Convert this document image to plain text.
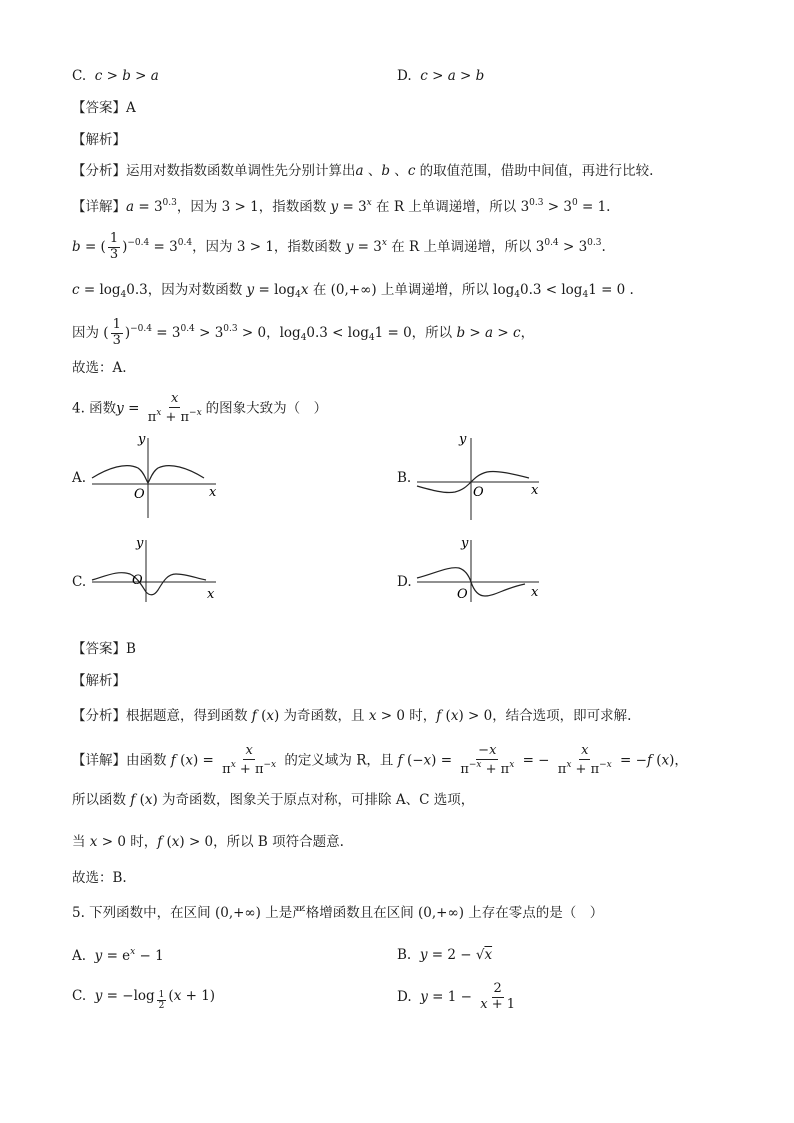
C. c > b > a	D. c > a > b
【答案】A
【解析】
【分析】运用对数指数函数单调性先分别计算出a 、b 、c 的取值范围，借助中间值，再进行比较.
【详解】$a = 3^{0.3}$，因为 3 > 1，指数函数 $y = 3^x$ 在 R 上单调递增，所以 $3^{0.3} > 3^0 = 1$.
b = ( $\frac{1}{3} )^{-0.4} = 3^{0.4}$，因为 3 > 1，指数函数 $y = 3^x$ 在 R 上单调递增，所以 $3^{0.4} > 3^{0.3}$.
$c = \log_40.3$，因为对数函数 $y = \log_4x$ 在 (0,+∞) 上单调递增，所以 $\log_40.3 < \log_41 = 0$ .
因为 ( $\frac{1}{3} )^{-0.4} = 3^{0.4} > 3^{0.3} > 0$，$\log_40.3 < \log_41 = 0$，所以 b > a > c，
故选：A.
4. 函数$y = \frac{x}{\pi^x + \pi^{-x}}$ 的图象大致为（　）
A.
y
O	x
B.
y
O	x
C.
y
O
x
D.
y
O	x
【答案】B
【解析】
【分析】根据题意，得到函数 f (x) 为奇函数，且 x > 0 时，f (x) > 0，结合选项，即可求解.
【详解】由函数 f $(x) = \frac{x}{\pi^x + \pi^{-x}}$ 的定义域为 R，且 f $(-x) = \frac{-x}{\pi^{-x} + \pi^x}$ = − $\frac{x}{\pi^x + \pi^{-x}} = -f$ (x)，
所以函数 f (x) 为奇函数，图象关于原点对称，可排除 A、C 选项，
当 x > 0 时，f (x) > 0，所以 B 项符合题意.
故选：B.
5. 下列函数中，在区间 (0,+∞) 上是严格增函数且在区间 (0,+∞) 上存在零点的是（　）
A. $y = e^x - 1$	B. y = 2 − √x
C. y = −log $_{\frac{1}{2}}$ (x + 1)	D. $y = 1 - \frac{2}{x + 1}$
